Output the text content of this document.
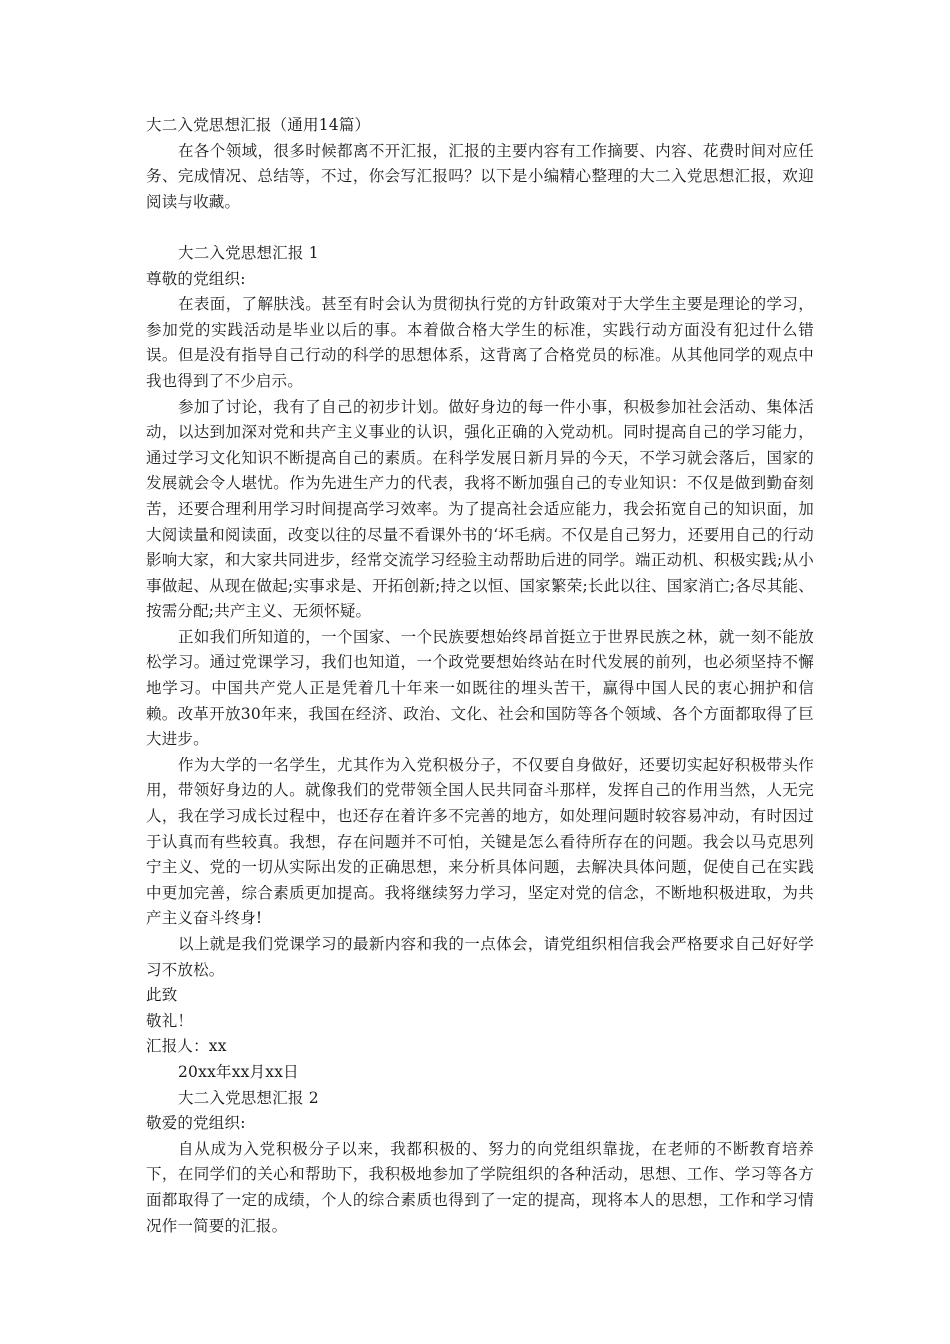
大二入党思想汇报（通用14篇）

在各个领域，很多时候都离不开汇报，汇报的主要内容有工作摘要、内容、花费时间对应任务、完成情况、总结等，不过，你会写汇报吗？以下是小编精心整理的大二入党思想汇报，欢迎阅读与收藏。

大二入党思想汇报 1

尊敬的党组织:

在表面，了解肤浅。甚至有时会认为贯彻执行党的方针政策对于大学生主要是理论的学习，参加党的实践活动是毕业以后的事。本着做合格大学生的标准，实践行动方面没有犯过什么错误。但是没有指导自己行动的科学的思想体系，这背离了合格党员的标准。从其他同学的观点中我也得到了不少启示。

参加了讨论，我有了自己的初步计划。做好身边的每一件小事，积极参加社会活动、集体活动，以达到加深对党和共产主义事业的认识，强化正确的入党动机。同时提高自己的学习能力，通过学习文化知识不断提高自己的素质。在科学发展日新月异的今天，不学习就会落后，国家的发展就会令人堪忧。作为先进生产力的代表，我将不断加强自己的专业知识：不仅是做到勤奋刻苦，还要合理利用学习时间提高学习效率。为了提高社会适应能力，我会拓宽自己的知识面，加大阅读量和阅读面，改变以往的尽量不看课外书的‘坏毛病。不仅是自己努力，还要用自己的行动影响大家，和大家共同进步，经常交流学习经验主动帮助后进的同学。端正动机、积极实践;从小事做起、从现在做起;实事求是、开拓创新;持之以恒、国家繁荣;长此以往、国家消亡;各尽其能、按需分配;共产主义、无须怀疑。

正如我们所知道的，一个国家、一个民族要想始终昂首挺立于世界民族之林，就一刻不能放松学习。通过党课学习，我们也知道，一个政党要想始终站在时代发展的前列，也必须坚持不懈地学习。中国共产党人正是凭着几十年来一如既往的埋头苦干，赢得中国人民的衷心拥护和信赖。改革开放30年来，我国在经济、政治、文化、社会和国防等各个领域、各个方面都取得了巨大进步。

作为大学的一名学生，尤其作为入党积极分子，不仅要自身做好，还要切实起好积极带头作用，带领好身边的人。就像我们的党带领全国人民共同奋斗那样，发挥自己的作用当然，人无完人，我在学习成长过程中，也还存在着许多不完善的地方，如处理问题时较容易冲动，有时因过于认真而有些较真。我想，存在问题并不可怕，关键是怎么看待所存在的问题。我会以马克思列宁主义、党的一切从实际出发的正确思想，来分析具体问题，去解决具体问题，促使自己在实践中更加完善，综合素质更加提高。我将继续努力学习，坚定对党的信念，不断地积极进取，为共产主义奋斗终身!

以上就是我们党课学习的最新内容和我的一点体会，请党组织相信我会严格要求自己好好学习不放松。

此致

敬礼！

汇报人：xx

20xx年xx月xx日

大二入党思想汇报 2

敬爱的党组织:

自从成为入党积极分子以来，我都积极的、努力的向党组织靠拢，在老师的不断教育培养下，在同学们的关心和帮助下，我积极地参加了学院组织的各种活动，思想、工作、学习等各方面都取得了一定的成绩，个人的综合素质也得到了一定的提高，现将本人的思想，工作和学习情况作一简要的汇报。
